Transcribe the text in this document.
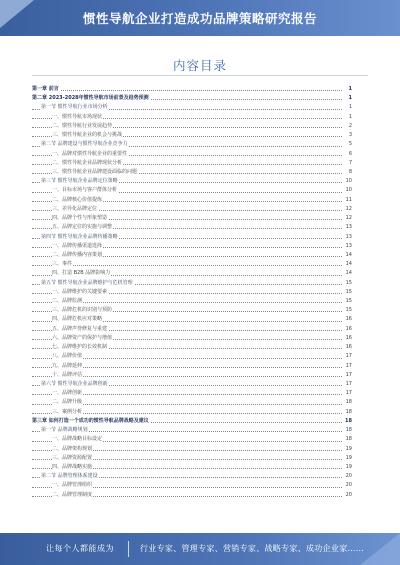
惯性导航企业打造成功品牌策略研究报告
内容目录
第一章 前言	1
第二章 2023-2028年惯性导航市场前景及趋势预测	1
第一节 惯性导航行业市场分析	1
一、惯性导航市场现状	1
二、惯性导航行业发展趋势	2
三、惯性导航企业的机会与挑战	3
第二节 品牌建设与惯性导航企业竞争力	5
一、品牌对惯性导航企业的重要性	6
二、惯性导航企业品牌现状分析	7
三、惯性导航企业品牌建设面临的问题	8
第三节 惯性导航企业品牌定位策略	10
一、目标市场与客户群体分析	10
二、品牌核心价值提炼	11
三、差异化品牌定位	12
四、品牌个性与形象塑造	12
五、品牌定位的实施与调整	13
第四节 惯性导航企业品牌传播策略	13
一、品牌传播渠道选择	13
二、品牌传播内容策划	14
三、事件	14
四、打造 B2B 品牌影响力	14
第五节 惯性导航企业品牌维护与危机管理	15
一、品牌维护的关键要素	15
二、品牌监测	15
三、品牌危机的识别与预防	15
四、品牌危机应对策略	16
五、品牌声誉修复与重建	16
六、品牌资产的保护与增值	16
七、品牌维护的长效机制	16
八、品牌价值	17
九、品牌延伸	17
十、品牌评估	17
第六节 惯性导航企业品牌创新	17
一、品牌创新	17
二、品牌升级	18
三、案例分析	18
第三章 如何打造一个成功的惯性导航品牌战略及建议	18
第一节 品牌战略规划	18
一、品牌战略目标设定	18
二、品牌架构规划	19
三、品牌资源配置	19
四、品牌战略实施	19
第二节 品牌管理体系建设	20
一、品牌管理组织	20
二、品牌管理制度	20
让每个人都能成为	行业专家、管理专家、营销专家、战略专家、成功企业家……
